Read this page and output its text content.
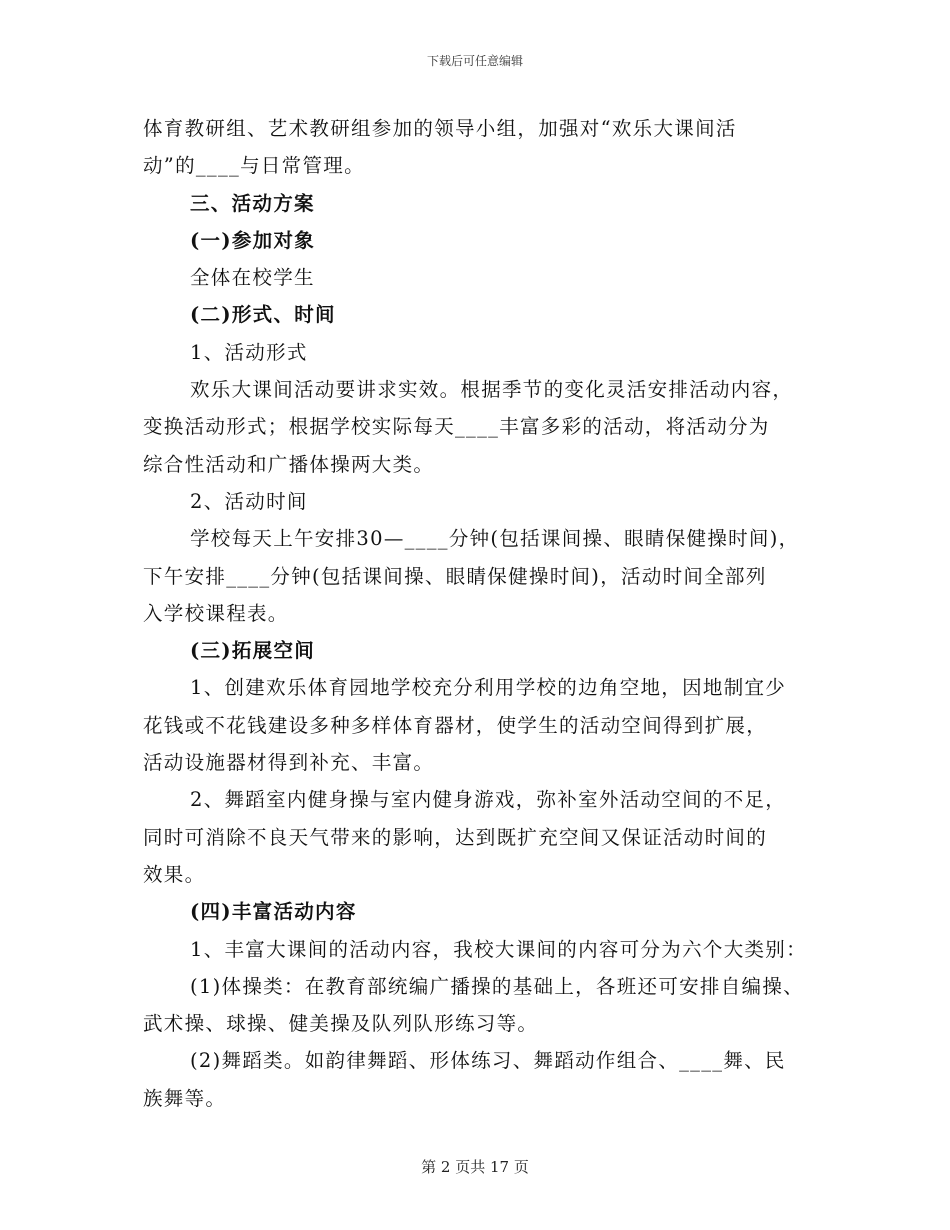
下载后可任意编辑
体育教研组、艺术教研组参加的领导小组，加强对“欢乐大课间活
动”的____与日常管理。
三、活动方案
(一)参加对象
全体在校学生
(二)形式、时间
1、活动形式
欢乐大课间活动要讲求实效。根据季节的变化灵活安排活动内容，
变换活动形式；根据学校实际每天____丰富多彩的活动，将活动分为
综合性活动和广播体操两大类。
2、活动时间
学校每天上午安排30—____分钟(包括课间操、眼睛保健操时间)，
下午安排____分钟(包括课间操、眼睛保健操时间)，活动时间全部列
入学校课程表。
(三)拓展空间
1、创建欢乐体育园地学校充分利用学校的边角空地，因地制宜少
花钱或不花钱建设多种多样体育器材，使学生的活动空间得到扩展，
活动设施器材得到补充、丰富。
2、舞蹈室内健身操与室内健身游戏，弥补室外活动空间的不足，
同时可消除不良天气带来的影响，达到既扩充空间又保证活动时间的
效果。
(四)丰富活动内容
1、丰富大课间的活动内容，我校大课间的内容可分为六个大类别：
(1)体操类：在教育部统编广播操的基础上，各班还可安排自编操、
武术操、球操、健美操及队列队形练习等。
(2)舞蹈类。如韵律舞蹈、形体练习、舞蹈动作组合、____舞、民
族舞等。
第 2 页共 17 页
